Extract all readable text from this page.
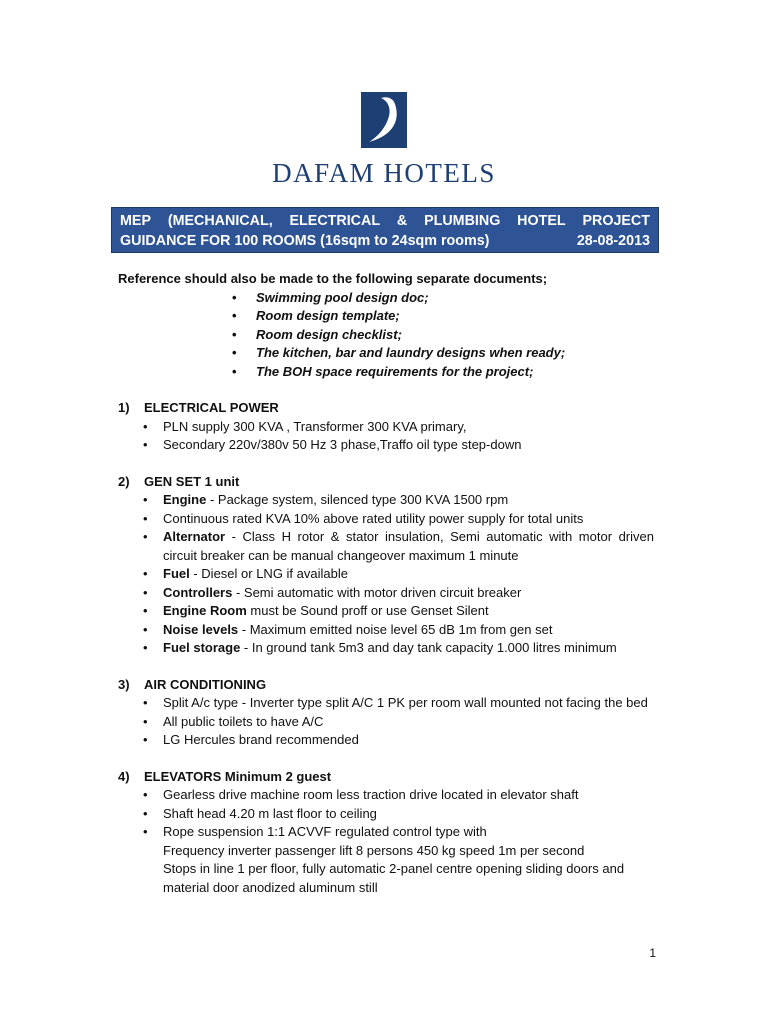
DAFAM HOTELS
MEP (MECHANICAL, ELECTRICAL & PLUMBING HOTEL PROJECT
GUIDANCE FOR 100 ROOMS (16sqm to 24sqm rooms)	28-08-2013
Reference should also be made to the following separate documents;
• Swimming pool design doc;
• Room design template;
• Room design checklist;
• The kitchen, bar and laundry designs when ready;
• The BOH space requirements for the project;
1)	ELECTRICAL POWER
• PLN supply 300 KVA , Transformer 300 KVA primary,
• Secondary 220v/380v 50 Hz 3 phase,Traffo oil type step-down
2)	GEN SET 1 unit
• Engine - Package system, silenced type 300 KVA 1500 rpm
• Continuous rated KVA 10% above rated utility power supply for total units
• Alternator - Class H rotor & stator insulation, Semi automatic with motor driven circuit breaker can be manual changeover maximum 1 minute
• Fuel - Diesel or LNG if available
• Controllers - Semi automatic with motor driven circuit breaker
• Engine Room must be Sound proff or use Genset Silent
• Noise levels - Maximum emitted noise level 65 dB 1m from gen set
• Fuel storage - In ground tank 5m3 and day tank capacity 1.000 litres minimum
3)	AIR CONDITIONING
• Split A/c type - Inverter type split A/C 1 PK per room wall mounted not facing the bed
• All public toilets to have A/C
• LG Hercules brand recommended
4)	ELEVATORS Minimum 2 guest
• Gearless drive machine room less traction drive located in elevator shaft
• Shaft head 4.20 m last floor to ceiling
• Rope suspension 1:1 ACVVF regulated control type with
Frequency inverter passenger lift 8 persons 450 kg speed 1m per second
Stops in line 1 per floor, fully automatic 2-panel centre opening sliding doors and material door anodized aluminum still
1
